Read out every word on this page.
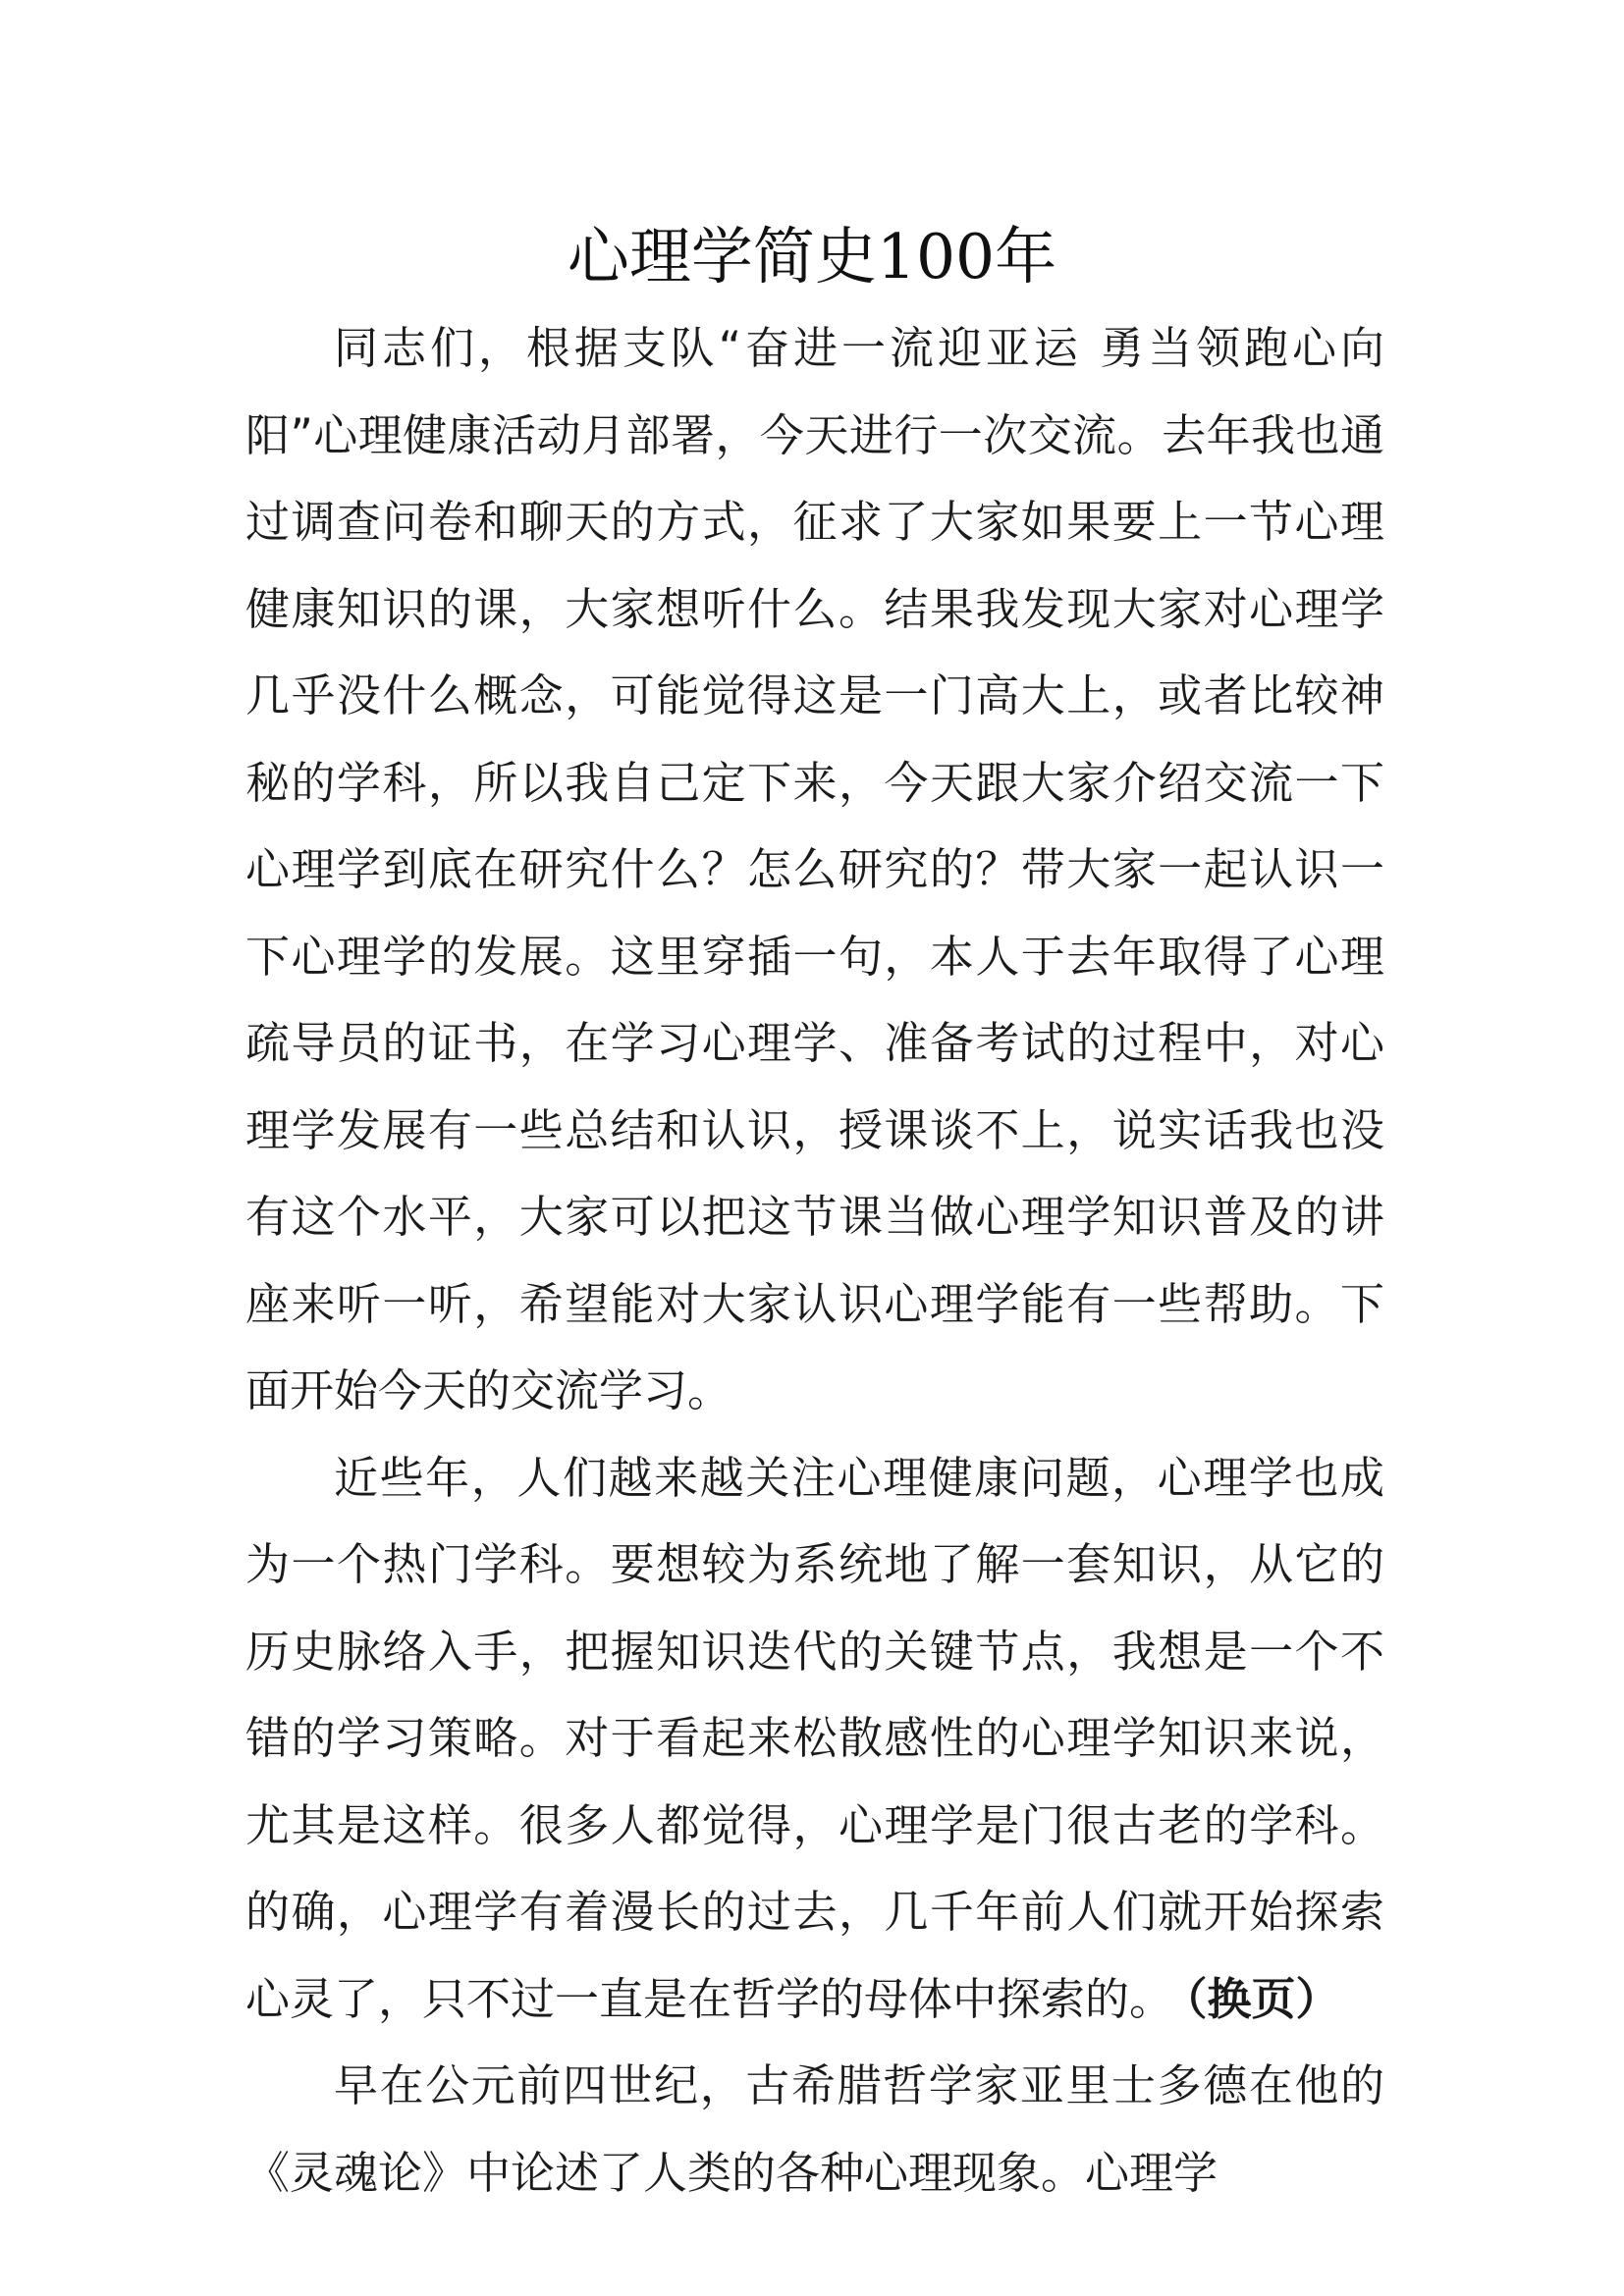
心理学简史100年

同志们，根据支队“奋进一流迎亚运 勇当领跑心向阳”心理健康活动月部署，今天进行一次交流。去年我也通过调查问卷和聊天的方式，征求了大家如果要上一节心理健康知识的课，大家想听什么。结果我发现大家对心理学几乎没什么概念，可能觉得这是一门高大上，或者比较神秘的学科，所以我自己定下来，今天跟大家介绍交流一下心理学到底在研究什么？怎么研究的？带大家一起认识一下心理学的发展。这里穿插一句，本人于去年取得了心理疏导员的证书，在学习心理学、准备考试的过程中，对心理学发展有一些总结和认识，授课谈不上，说实话我也没有这个水平，大家可以把这节课当做心理学知识普及的讲座来听一听，希望能对大家认识心理学能有一些帮助。下面开始今天的交流学习。

近些年，人们越来越关注心理健康问题，心理学也成为一个热门学科。要想较为系统地了解一套知识，从它的历史脉络入手，把握知识迭代的关键节点，我想是一个不错的学习策略。对于看起来松散感性的心理学知识来说，尤其是这样。很多人都觉得，心理学是门很古老的学科。的确，心理学有着漫长的过去，几千年前人们就开始探索心灵了，只不过一直是在哲学的母体中探索的。 （换页）

早在公元前四世纪，古希腊哲学家亚里士多德在他的《灵魂论》中论述了人类的各种心理现象。心理学
